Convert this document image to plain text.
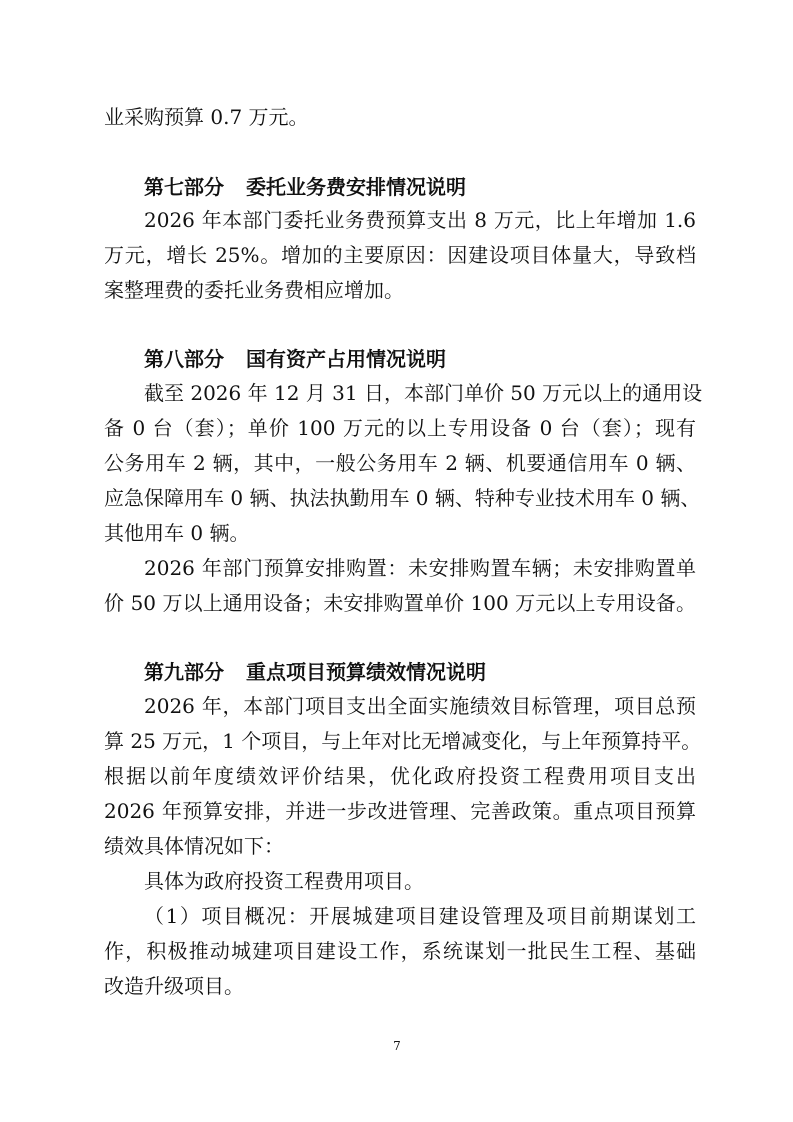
业采购预算 0.7 万元。

第七部分 委托业务费安排情况说明

2026 年本部门委托业务费预算支出 8 万元，比上年增加 1.6

万元，增长 25%。增加的主要原因：因建设项目体量大，导致档

案整理费的委托业务费相应增加。

第八部分 国有资产占用情况说明

截至 2026 年 12 月 31 日，本部门单价 50 万元以上的通用设

备 0 台（套）；单价 100 万元的以上专用设备 0 台（套）；现有

公务用车 2 辆，其中，一般公务用车 2 辆、机要通信用车 0 辆、

应急保障用车 0 辆、执法执勤用车 0 辆、特种专业技术用车 0 辆、

其他用车 0 辆。

2026 年部门预算安排购置：未安排购置车辆；未安排购置单

价 50 万以上通用设备；未安排购置单价 100 万元以上专用设备。

第九部分 重点项目预算绩效情况说明

2026 年，本部门项目支出全面实施绩效目标管理，项目总预

算 25 万元，1 个项目，与上年对比无增减变化，与上年预算持平。

根据以前年度绩效评价结果，优化政府投资工程费用项目支出

2026 年预算安排，并进一步改进管理、完善政策。重点项目预算

绩效具体情况如下：

具体为政府投资工程费用项目。

（1）项目概况：开展城建项目建设管理及项目前期谋划工

作，积极推动城建项目建设工作，系统谋划一批民生工程、基础

改造升级项目。

7
